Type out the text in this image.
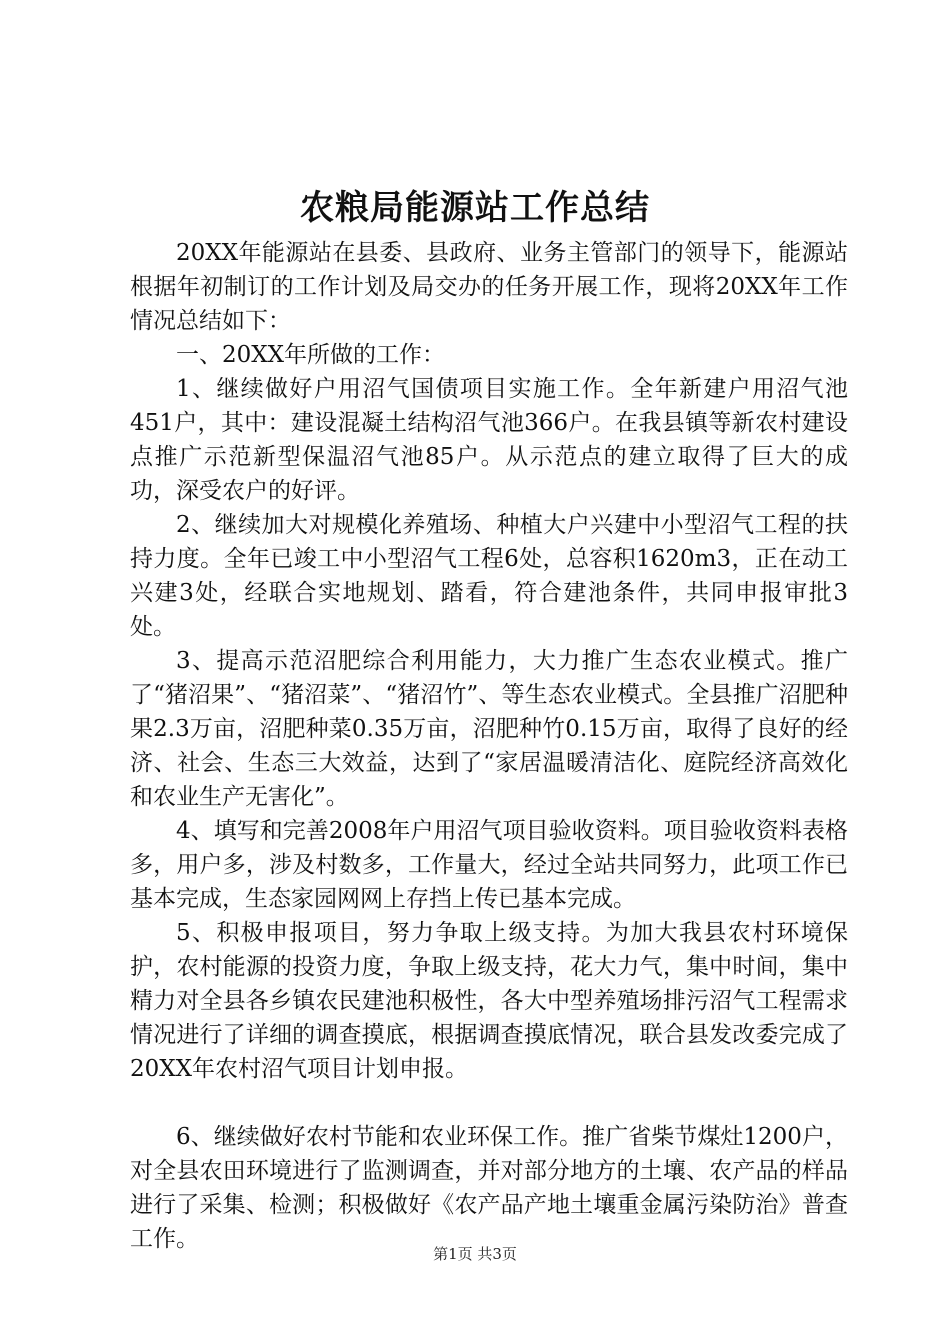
农粮局能源站工作总结

20XX年能源站在县委、县政府、业务主管部门的领导下，能源站根据年初制订的工作计划及局交办的任务开展工作，现将20XX年工作情况总结如下：

一、20XX年所做的工作：

1、继续做好户用沼气国债项目实施工作。全年新建户用沼气池451户，其中：建设混凝土结构沼气池366户。在我县镇等新农村建设点推广示范新型保温沼气池85户。从示范点的建立取得了巨大的成功，深受农户的好评。

2、继续加大对规模化养殖场、种植大户兴建中小型沼气工程的扶持力度。全年已竣工中小型沼气工程6处，总容积1620m3，正在动工兴建3处，经联合实地规划、踏看，符合建池条件，共同申报审批3处。

3、提高示范沼肥综合利用能力，大力推广生态农业模式。推广了“猪沼果”、“猪沼菜”、“猪沼竹”、等生态农业模式。全县推广沼肥种果2.3万亩，沼肥种菜0.35万亩，沼肥种竹0.15万亩，取得了良好的经济、社会、生态三大效益，达到了“家居温暖清洁化、庭院经济高效化和农业生产无害化”。

4、填写和完善2008年户用沼气项目验收资料。项目验收资料表格多，用户多，涉及村数多，工作量大，经过全站共同努力，此项工作已基本完成，生态家园网网上存挡上传已基本完成。

5、积极申报项目，努力争取上级支持。为加大我县农村环境保护，农村能源的投资力度，争取上级支持，花大力气，集中时间，集中精力对全县各乡镇农民建池积极性，各大中型养殖场排污沼气工程需求情况进行了详细的调查摸底，根据调查摸底情况，联合县发改委完成了20XX年农村沼气项目计划申报。

6、继续做好农村节能和农业环保工作。推广省柴节煤灶1200户，对全县农田环境进行了监测调查，并对部分地方的土壤、农产品的样品进行了采集、检测；积极做好《农产品产地土壤重金属污染防治》普查工作。

第1页 共3页
